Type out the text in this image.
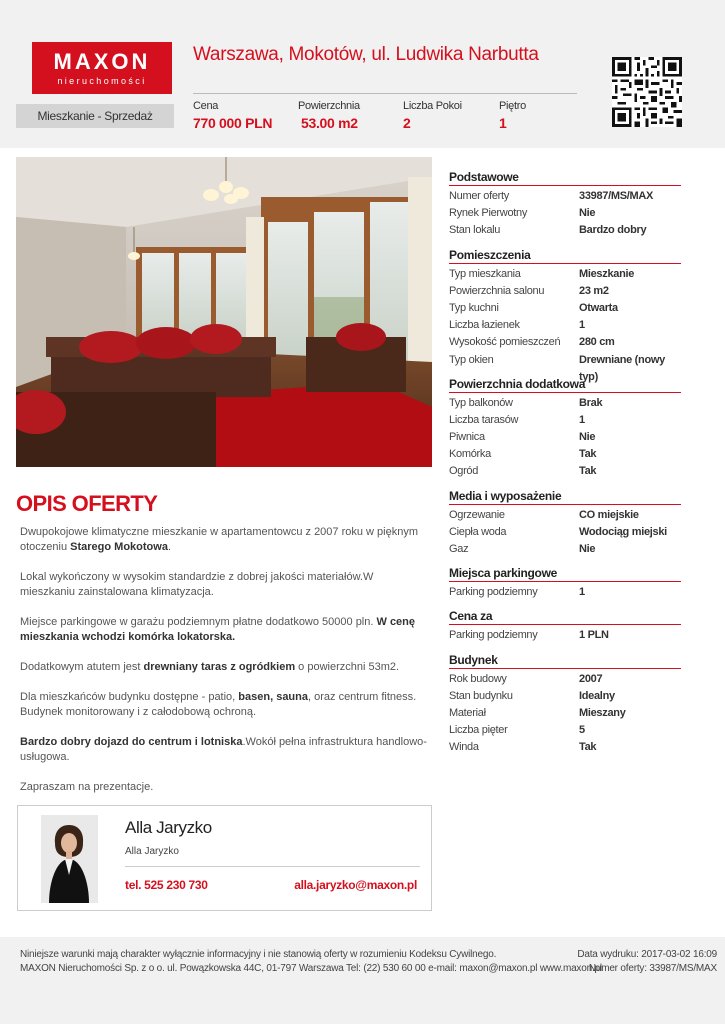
MAXON
nieruchomości
Warszawa, Mokotów, ul. Ludwika Narbutta
Mieszkanie - Sprzedaż
Cena
770 000 PLN
Powierzchnia
53.00 m2
Liczba Pokoi
2
Piętro
1
OPIS OFERTY

Dwupokojowe klimatyczne mieszkanie w apartamentowcu z 2007 roku w pięknym otoczeniu Starego Mokotowa.

Lokal wykończony w wysokim standardzie z dobrej jakości materiałów.W mieszkaniu zainstalowana klimatyzacja.

Miejsce parkingowe w garażu podziemnym płatne dodatkowo 50000 pln. W cenę mieszkania wchodzi komórka lokatorska.

Dodatkowym atutem jest drewniany taras z ogródkiem o powierzchni 53m2.

Dla mieszkańców budynku dostępne - patio, basen, sauna, oraz centrum fitness. Budynek monitorowany i z całodobową ochroną.

Bardzo dobry dojazd do centrum i lotniska.Wokół pełna infrastruktura handlowo-usługowa.

Zapraszam na prezentacje.

Podstawowe
Numer oferty	33987/MS/MAX
Rynek Pierwotny	Nie
Stan lokalu	Bardzo dobry
Pomieszczenia
Typ mieszkania	Mieszkanie
Powierzchnia salonu	23 m2
Typ kuchni	Otwarta
Liczba łazienek	1
Wysokość pomieszczeń	280 cm
Typ okien	Drewniane (nowy typ)
Powierzchnia dodatkowa
Typ balkonów	Brak
Liczba tarasów	1
Piwnica	Nie
Komórka	Tak
Ogród	Tak
Media i wyposażenie
Ogrzewanie	CO miejskie
Ciepła woda	Wodociąg miejski
Gaz	Nie
Miejsca parkingowe
Parking podziemny	1
Cena za
Parking podziemny	1 PLN
Budynek
Rok budowy	2007
Stan budynku	Idealny
Materiał	Mieszany
Liczba pięter	5
Winda	Tak
Alla Jaryzko
Alla Jaryzko
tel. 525 230 730	alla.jaryzko@maxon.pl
Niniejsze warunki mają charakter wyłącznie informacyjny i nie stanowią oferty w rozumieniu Kodeksu Cywilnego.
MAXON Nieruchomości Sp. z o o. ul. Powązkowska 44C, 01-797 Warszawa Tel: (22) 530 60 00 e-mail: maxon@maxon.pl www.maxon.pl
Data wydruku: 2017-03-02 16:09
Numer oferty: 33987/MS/MAX
